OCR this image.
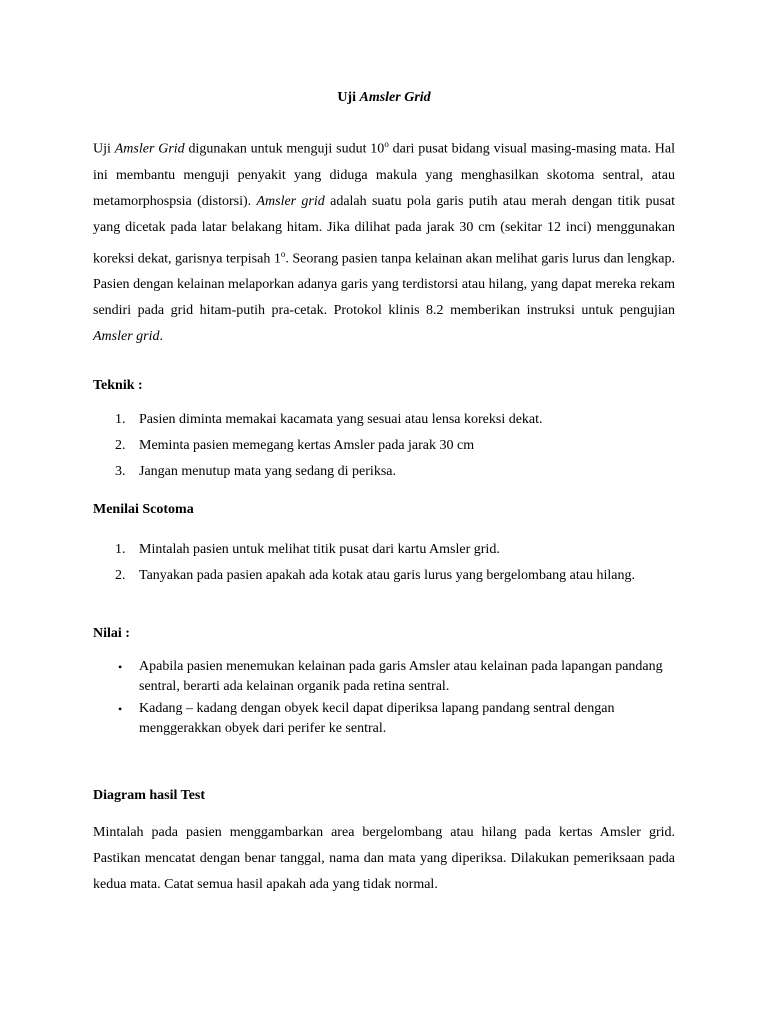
Uji Amsler Grid

Uji Amsler Grid digunakan untuk menguji sudut 10$^o$ dari pusat bidang visual masing-masing mata. Hal ini membantu menguji penyakit yang diduga makula yang menghasilkan skotoma sentral, atau metamorphospsia (distorsi). Amsler grid adalah suatu pola garis putih atau merah dengan titik pusat yang dicetak pada latar belakang hitam. Jika dilihat pada jarak 30 cm (sekitar 12 inci) menggunakan koreksi dekat, garisnya terpisah 1$^o$. Seorang pasien tanpa kelainan akan melihat garis lurus dan lengkap. Pasien dengan kelainan melaporkan adanya garis yang terdistorsi atau hilang, yang dapat mereka rekam sendiri pada grid hitam-putih pra-cetak. Protokol klinis 8.2 memberikan instruksi untuk pengujian Amsler grid.

Teknik :

1. Pasien diminta memakai kacamata yang sesuai atau lensa koreksi dekat.
2. Meminta pasien memegang kertas Amsler pada jarak 30 cm
3. Jangan menutup mata yang sedang di periksa.

Menilai Scotoma

1. Mintalah pasien untuk melihat titik pusat dari kartu Amsler grid.
2. Tanyakan pada pasien apakah ada kotak atau garis lurus yang bergelombang atau hilang.

Nilai :

• Apabila pasien menemukan kelainan pada garis Amsler atau kelainan pada lapangan pandang sentral, berarti ada kelainan organik pada retina sentral.
• Kadang – kadang dengan obyek kecil dapat diperiksa lapang pandang sentral dengan menggerakkan obyek dari perifer ke sentral.

Diagram hasil Test

Mintalah pada pasien menggambarkan area bergelombang atau hilang pada kertas Amsler grid. Pastikan mencatat dengan benar tanggal, nama dan mata yang diperiksa. Dilakukan pemeriksaan pada kedua mata. Catat semua hasil apakah ada yang tidak normal.
